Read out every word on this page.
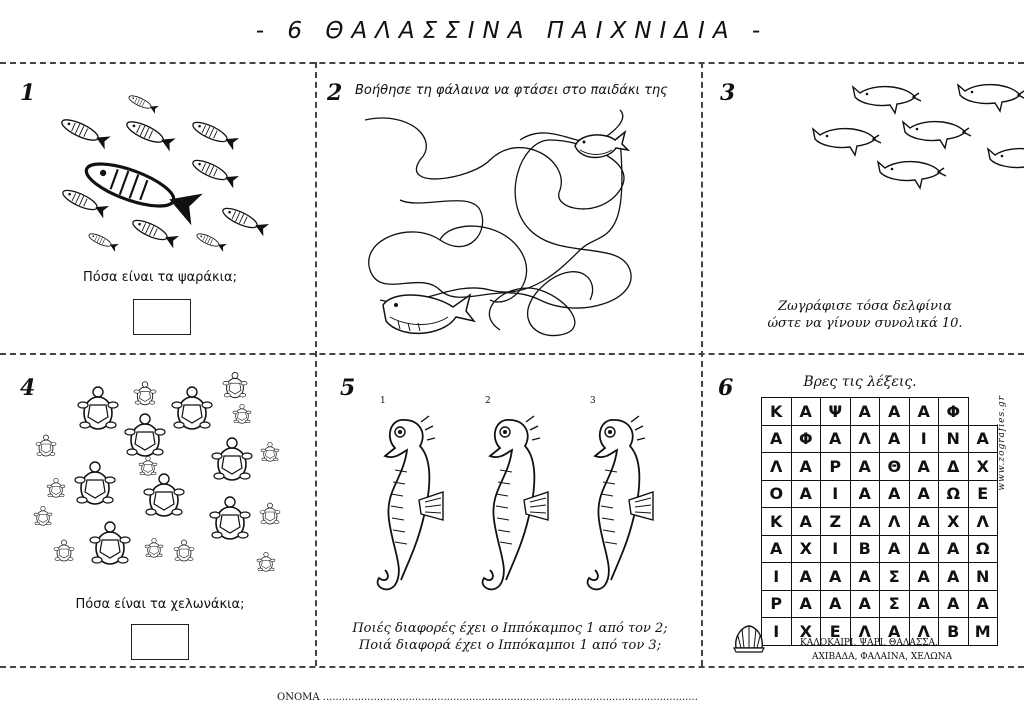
- 6 ΘΑΛΑΣΣΙΝΑ ΠΑΙΧΝΙΔΙΑ -
1
Πόσα είναι τα ψαράκια;
2 Βοήθησε τη φάλαινα να φτάσει στο παιδάκι της	3
Ζωγράφισε τόσα δελφίνια
ώστε να γίνουν συνολικά 10.
4
Πόσα είναι τα χελωνάκια;
5	1	2	3
Ποιές διαφορές έχει ο Ιππόκαμπος 1 από τον 2;
Ποιά διαφορά έχει ο Ιππόκαμποι 1 από τον 3;
6	Βρες τις λέξεις.
Κ	Α	Ψ	Α	Α	Α	Φ	
Α	Φ	Α	Λ	Α	Ι	Ν	Α
Λ	Α	Ρ	Α	Θ	Α	Δ	Χ
Ο	Α	Ι	Α	Α	Α	Ω	Ε
Κ	Α	Ζ	Α	Λ	Α	Χ	Λ
Α	Χ	Ι	Β	Α	Δ	Α	Ω
Ι	Α	Α	Α	Σ	Α	Α	Ν
Ρ	Α	Α	Α	Σ	Α	Α	Α
Ι	Χ	Ε	Λ	Α	Λ	Β	Μ
www.zografies.gr
ΚΑΛΟΚΑΙΡΙ, ΨΑΡΙ, ΘΑΛΑΣΣΑ,
ΑΧΙΒΑΔΑ, ΦΑΛΑΙΝΑ, ΧΕΛΩΝΑ
ΟΝΟΜΑ ......................................................................................................................
